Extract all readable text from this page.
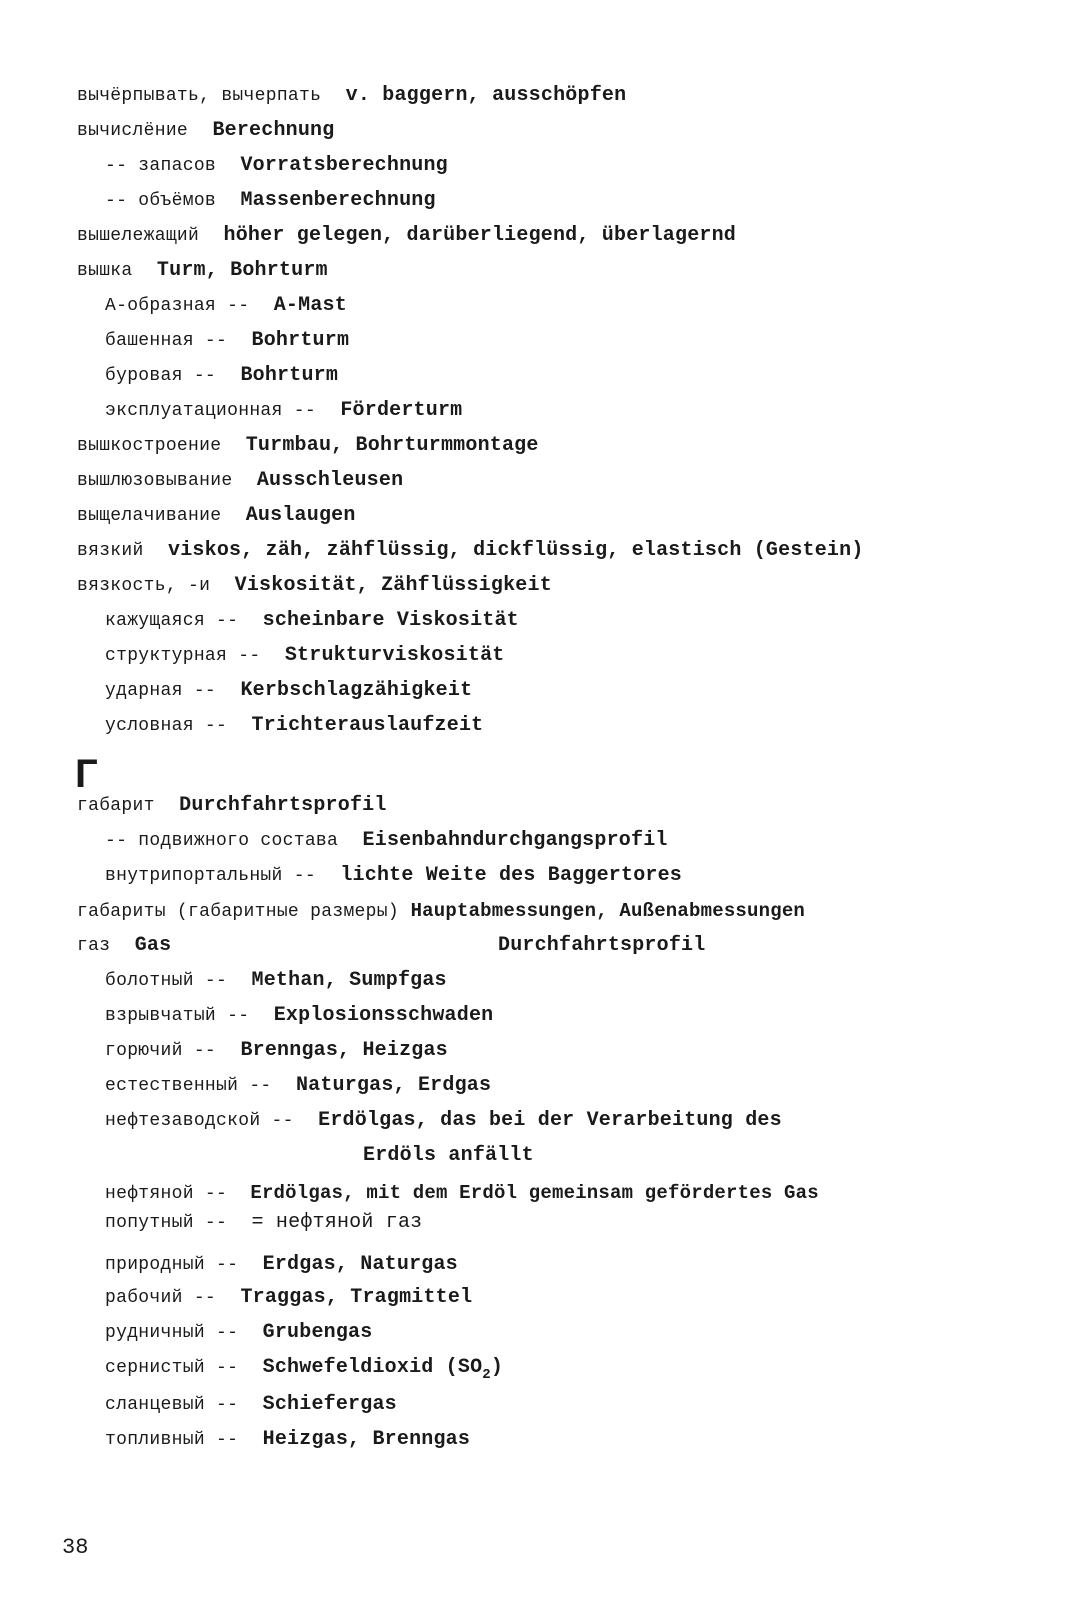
вычёрпывать, вычерпать v. baggern, ausschöpfen
вычислёние Berechnung
-- запасов Vorratsberechnung
-- объёмов Massenberechnung
вышележащий höher gelegen, darüberliegend, überlagernd
вышка Turm, Bohrturm
А-образная -- A-Mast
башенная -- Bohrturm
буровая -- Bohrturm
эксплуатационная -- Förderturm
вышкостроение Turmbau, Bohrturmmontage
вышлюзовывание Ausschleusen
выщелачивание Auslaugen
вязкий viskos, zäh, zähflüssig, dickflüssig, elastisch (Gestein)
вязкость, -и Viskosität, Zähflüssigkeit
кажущаяся -- scheinbare Viskosität
структурная -- Strukturviskosität
ударная -- Kerbschlagzähigkeit
условная -- Trichterauslaufzeit
Г
габарит Durchfahrtsprofil
-- подвижного состава Eisenbahndurchgangsprofil
внутрипортальный -- lichte Weite des Baggertores
габариты (габаритные размеры) Hauptabmessungen, Außenabmessungen
газ Gas	Durchfahrtsprofil
болотный -- Methan, Sumpfgas
взрывчатый -- Explosionsschwaden
горючий -- Brenngas, Heizgas
естественный -- Naturgas, Erdgas
нефтезаводской -- Erdölgas, das bei der Verarbeitung des
Erdöls anfällt
нефтяной -- Erdölgas, mit dem Erdöl gemeinsam gefördertes Gas
попутный -- = нефтяной газ
природный -- Erdgas, Naturgas
рабочий -- Traggas, Tragmittel
рудничный -- Grubengas
сернистый -- Schwefeldioxid $(SO_2)$
сланцевый -- Schiefergas
топливный -- Heizgas, Brenngas
38
